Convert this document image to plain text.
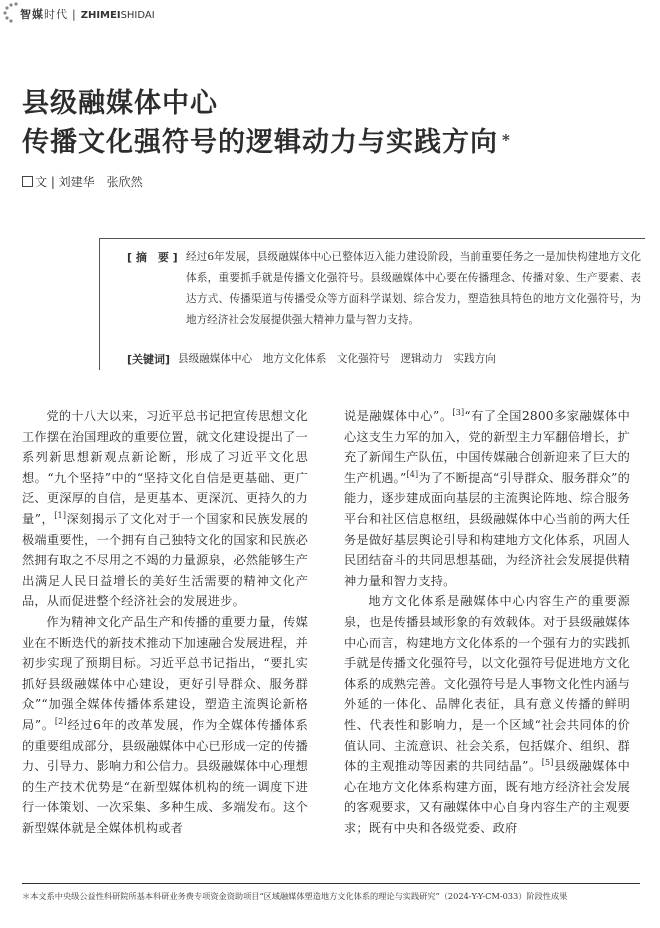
智媒时代 | ZHIMEISHIDAI
县级融媒体中心
传播文化强符号的逻辑动力与实践方向 *
文 | 刘建华　张欣然
[ 摘　要 ] 经过6年发展，县级融媒体中心已整体迈入能力建设阶段，当前重要任务之一是加快构建地方文化体系，重要抓手就是传播文化强符号。县级融媒体中心要在传播理念、传播对象、生产要素、表达方式、传播渠道与传播受众等方面科学谋划、综合发力，塑造独具特色的地方文化强符号，为地方经济社会发展提供强大精神力量与智力支持。
[关键词] 县级融媒体中心　地方文化体系　文化强符号　逻辑动力　实践方向

党的十八大以来，习近平总书记把宣传思想文化工作摆在治国理政的重要位置，就文化建设提出了一系列新思想新观点新论断，形成了习近平文化思想。“九个坚持”中的“坚持文化自信是更基础、更广泛、更深厚的自信，是更基本、更深沉、更持久的力量”，[1]深刻揭示了文化对于一个国家和民族发展的极端重要性，一个拥有自己独特文化的国家和民族必然拥有取之不尽用之不竭的力量源泉，必然能够生产出满足人民日益增长的美好生活需要的精神文化产品，从而促进整个经济社会的发展进步。

作为精神文化产品生产和传播的重要力量，传媒业在不断迭代的新技术推动下加速融合发展进程，并初步实现了预期目标。习近平总书记指出，“要扎实抓好县级融媒体中心建设，更好引导群众、服务群众”“加强全媒体传播体系建设，塑造主流舆论新格局”。[2]经过6年的改革发展，作为全媒体传播体系的重要组成部分，县级融媒体中心已形成一定的传播力、引导力、影响力和公信力。县级融媒体中心理想的生产技术优势是“在新型媒体机构的统一调度下进行一体策划、一次采集、多种生成、多端发布。这个新型媒体就是全媒体机构或者

说是融媒体中心”。[3]“有了全国2800多家融媒体中心这支生力军的加入，党的新型主力军翻倍增长，扩充了新闻生产队伍，中国传媒融合创新迎来了巨大的生产机遇。”[4]为了不断提高“引导群众、服务群众”的能力，逐步建成面向基层的主流舆论阵地、综合服务平台和社区信息枢纽，县级融媒体中心当前的两大任务是做好基层舆论引导和构建地方文化体系，巩固人民团结奋斗的共同思想基础，为经济社会发展提供精神力量和智力支持。

地方文化体系是融媒体中心内容生产的重要源泉，也是传播县域形象的有效载体。对于县级融媒体中心而言，构建地方文化体系的一个强有力的实践抓手就是传播文化强符号，以文化强符号促进地方文化体系的成熟完善。文化强符号是人事物文化性内涵与外延的一体化、品牌化表征，具有意义传播的鲜明性、代表性和影响力，是一个区域“社会共同体的价值认同、主流意识、社会关系，包括媒介、组织、群体的主观推动等因素的共同结晶”。[5]县级融媒体中心在地方文化体系构建方面，既有地方经济社会发展的客观要求，又有融媒体中心自身内容生产的主观要求；既有中央和各级党委、政府

＊本文系中央级公益性科研院所基本科研业务费专项资金资助项目“区域融媒体塑造地方文化体系的理论与实践研究”（2024-Y-Y-CM-033）阶段性成果
